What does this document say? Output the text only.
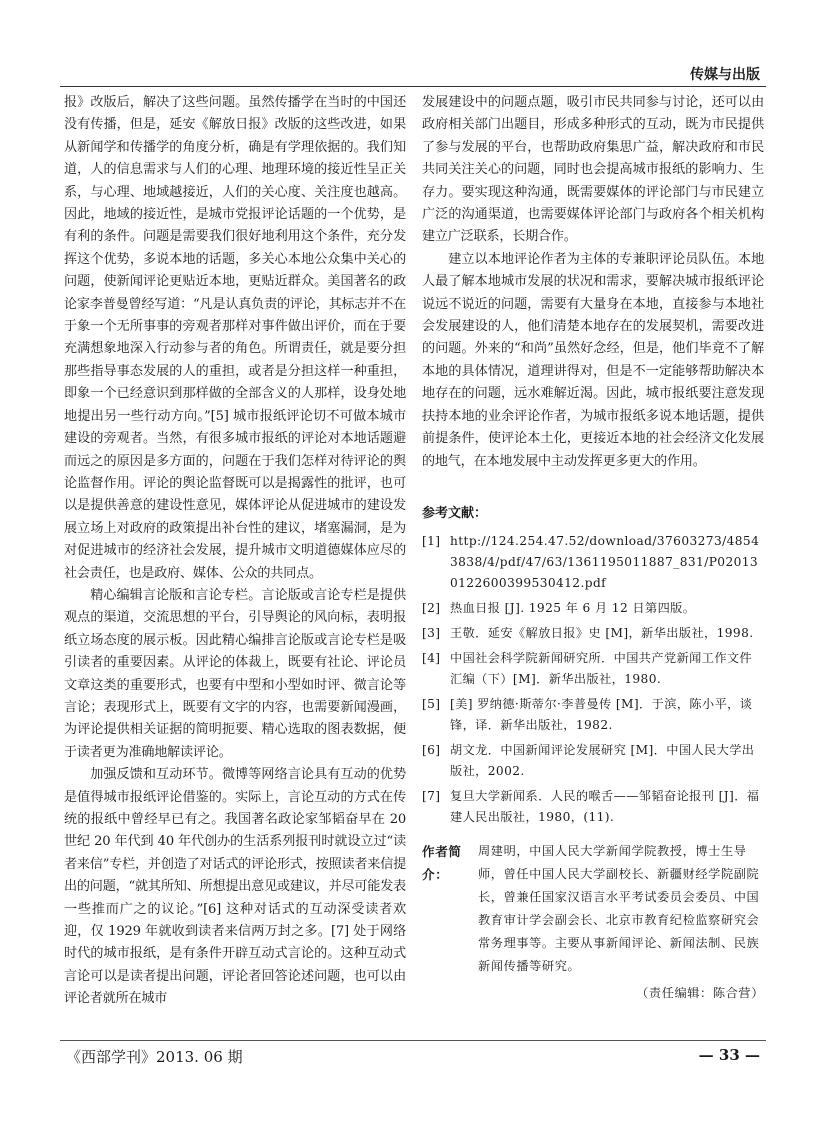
传媒与出版

报》改版后，解决了这些问题。虽然传播学在当时的中国还没有传播，但是，延安《解放日报》改版的这些改进，如果从新闻学和传播学的角度分析，确是有学理依据的。我们知道，人的信息需求与人们的心理、地理环境的接近性呈正关系，与心理、地域越接近，人们的关心度、关注度也越高。因此，地域的接近性，是城市党报评论话题的一个优势，是有利的条件。问题是需要我们很好地利用这个条件，充分发挥这个优势，多说本地的话题，多关心本地公众集中关心的问题，使新闻评论更贴近本地，更贴近群众。美国著名的政论家李普曼曾经写道：“凡是认真负责的评论，其标志并不在于象一个无所事事的旁观者那样对事件做出评价，而在于要充满想象地深入行动参与者的角色。所谓责任，就是要分担那些指导事态发展的人的重担，或者是分担这样一种重担，即象一个已经意识到那样做的全部含义的人那样，设身处地地提出另一些行动方向。”[5] 城市报纸评论切不可做本城市建设的旁观者。当然，有很多城市报纸的评论对本地话题避而远之的原因是多方面的，问题在于我们怎样对待评论的舆论监督作用。评论的舆论监督既可以是揭露性的批评，也可以是提供善意的建设性意见，媒体评论从促进城市的建设发展立场上对政府的政策提出补台性的建议，堵塞漏洞，是为对促进城市的经济社会发展，提升城市文明道德媒体应尽的社会责任，也是政府、媒体、公众的共同点。

精心编辑言论版和言论专栏。言论版或言论专栏是提供观点的渠道，交流思想的平台，引导舆论的风向标，表明报纸立场态度的展示板。因此精心编排言论版或言论专栏是吸引读者的重要因素。从评论的体裁上，既要有社论、评论员文章这类的重要形式，也要有中型和小型如时评、微言论等言论；表现形式上，既要有文字的内容，也需要新闻漫画，为评论提供相关证据的简明扼要、精心选取的图表数据，便于读者更为准确地解读评论。

加强反馈和互动环节。微博等网络言论具有互动的优势是值得城市报纸评论借鉴的。实际上，言论互动的方式在传统的报纸中曾经早已有之。我国著名政论家邹韬奋早在 20 世纪 20 年代到 40 年代创办的生活系列报刊时就设立过“读者来信”专栏，并创造了对话式的评论形式，按照读者来信提出的问题，“就其所知、所想提出意见或建议，并尽可能发表一些推而广之的议论。”[6] 这种对话式的互动深受读者欢迎，仅 1929 年就收到读者来信两万封之多。[7] 处于网络时代的城市报纸，是有条件开辟互动式言论的。这种互动式言论可以是读者提出问题，评论者回答论述问题，也可以由评论者就所在城市

发展建设中的问题点题，吸引市民共同参与讨论，还可以由政府相关部门出题目，形成多种形式的互动，既为市民提供了参与发展的平台，也帮助政府集思广益，解决政府和市民共同关注关心的问题，同时也会提高城市报纸的影响力、生存力。要实现这种沟通，既需要媒体的评论部门与市民建立广泛的沟通渠道，也需要媒体评论部门与政府各个相关机构建立广泛联系，长期合作。

建立以本地评论作者为主体的专兼职评论员队伍。本地人最了解本地城市发展的状况和需求，要解决城市报纸评论说远不说近的问题，需要有大量身在本地，直接参与本地社会发展建设的人，他们清楚本地存在的发展契机，需要改进的问题。外来的“和尚”虽然好念经，但是，他们毕竟不了解本地的具体情况，道理讲得对，但是不一定能够帮助解决本地存在的问题，远水难解近渴。因此，城市报纸要注意发现扶持本地的业余评论作者，为城市报纸多说本地话题，提供前提条件，使评论本土化，更接近本地的社会经济文化发展的地气，在本地发展中主动发挥更多更大的作用。

参考文献：
[1] http://124.254.47.52/download/37603273/48543838/4/pdf/47/63/1361195011887_831/P020130122600399530412.pdf
[2] 热血日报 [J]. 1925 年 6 月 12 日第四版。
[3] 王敬．延安《解放日报》史 [M]，新华出版社，1998.
[4] 中国社会科学院新闻研究所．中国共产党新闻工作文件汇编（下）[M]．新华出版社，1980.
[5] [美] 罗纳德·斯蒂尔·李普曼传 [M]．于滨，陈小平，谈锋，译．新华出版社，1982.
[6] 胡文龙．中国新闻评论发展研究 [M]．中国人民大学出版社，2002.
[7] 复旦大学新闻系．人民的喉舌——邹韬奋论报刊 [J]．福建人民出版社，1980，(11).
作者简介：
周建明，中国人民大学新闻学院教授，博士生导师，曾任中国人民大学副校长、新疆财经学院副院长，曾兼任国家汉语言水平考试委员会委员、中国教育审计学会副会长、北京市教育纪检监察研究会常务理事等。主要从事新闻评论、新闻法制、民族新闻传播等研究。
（责任编辑：陈合营）
《西部学刊》2013. 06 期	— 33 —
